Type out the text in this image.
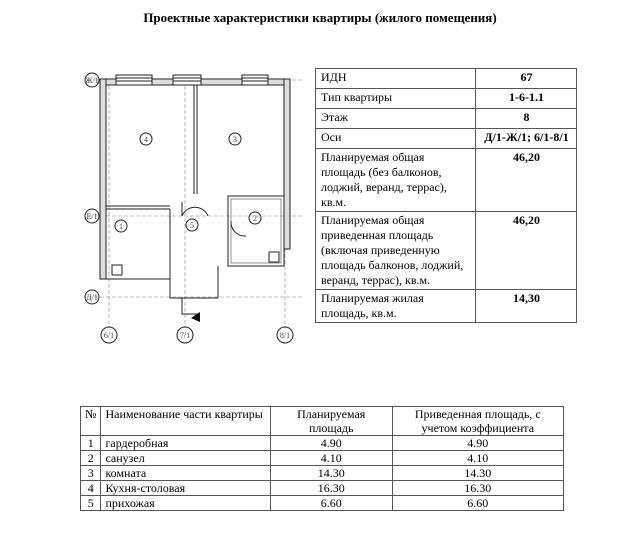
Проектные характеристики квартиры (жилого помещения)
Ж/1
Е/1
Д/1
6/1	7/1	8/1
4	3
1
2
5
ИДН	67
Тип квартиры	1-6-1.1
Этаж	8
Оси	Д/1-Ж/1; 6/1-8/1
Планируемая общая площадь (без балконов, лоджий, веранд, террас), кв.м.	46,20
Планируемая общая приведенная площадь (включая приведенную площадь балконов, лоджий, веранд, террас), кв.м.	46,20
Планируемая жилая площадь, кв.м.	14,30
№	Наименование части квартиры	Планируемая площадь	Приведенная площадь, с учетом коэффициента
1	гардеробная	4.90	4.90
2	санузел	4.10	4.10
3	комната	14.30	14.30
4	Кухня-столовая	16.30	16.30
5	прихожая	6.60	6.60
